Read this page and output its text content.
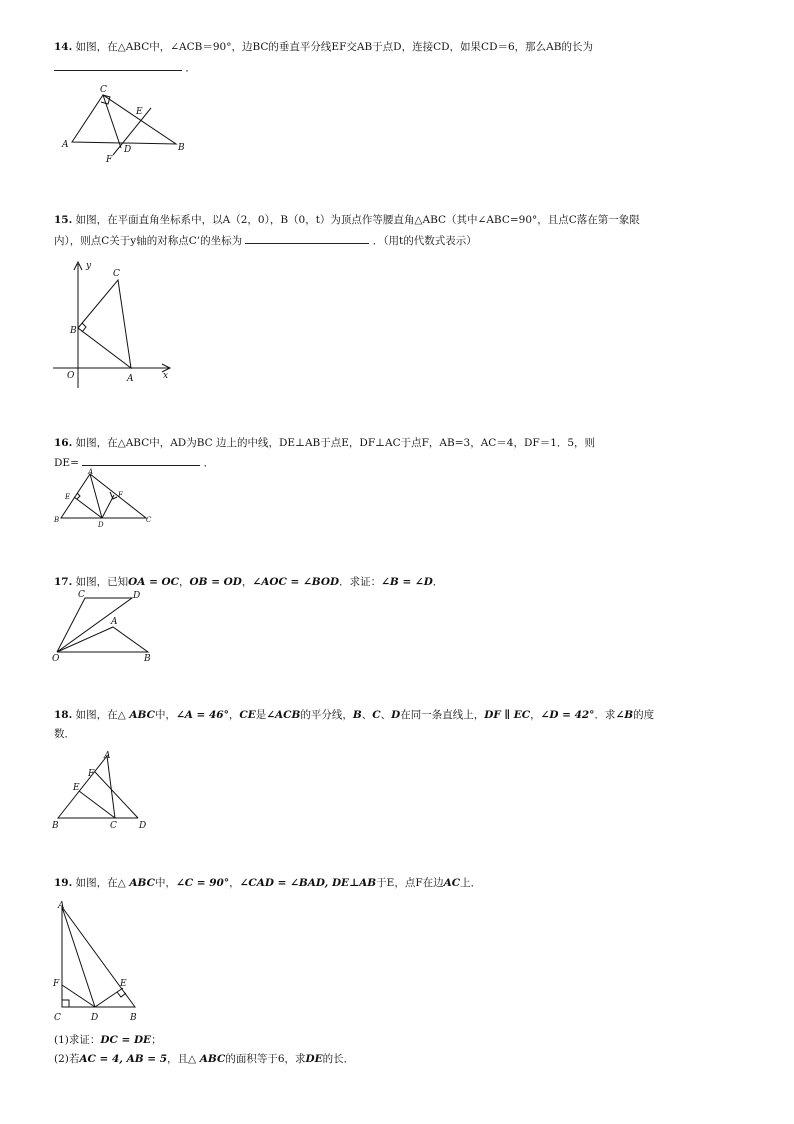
14. 如图，在△ABC中，∠ACB＝90°，边BC的垂直平分线EF交AB于点D，连接CD，如果CD＝6，那么AB的长为
．
C
E
A	D	B
F
15. 如图，在平面直角坐标系中，以A（2，0），B（0，t）为顶点作等腰直角△ABC（其中∠ABC=90°，且点C落在第一象限
内），则点C关于y轴的对称点C’的坐标为	．（用t的代数式表示）
y
C
B
O	A	x
16. 如图，在△ABC中，AD为BC 边上的中线，DE⊥AB于点E，DF⊥AC于点F，AB=3，AC＝4，DF＝1．5，则
DE=	．
A
E	F
B
D
C
17. 如图，已知OA = OC，OB = OD，∠AOC = ∠BOD．求证：∠B = ∠D．
C	D
A
O	B
18. 如图，在△ ABC中，∠A = 46°，CE是∠ACB的平分线，B、C、D在同一条直线上，DF ∥ EC，∠D = 42°．求∠B的度
数．
A
F
E
B	C D
19. 如图，在△ ABC中，∠C = 90°，∠CAD = ∠BAD, DE⊥AB于E，点F在边AC上．
A
F	E
C	D	B
(1)求证：DC = DE；
(2)若AC = 4, AB = 5，且△ ABC的面积等于6，求DE的长．
